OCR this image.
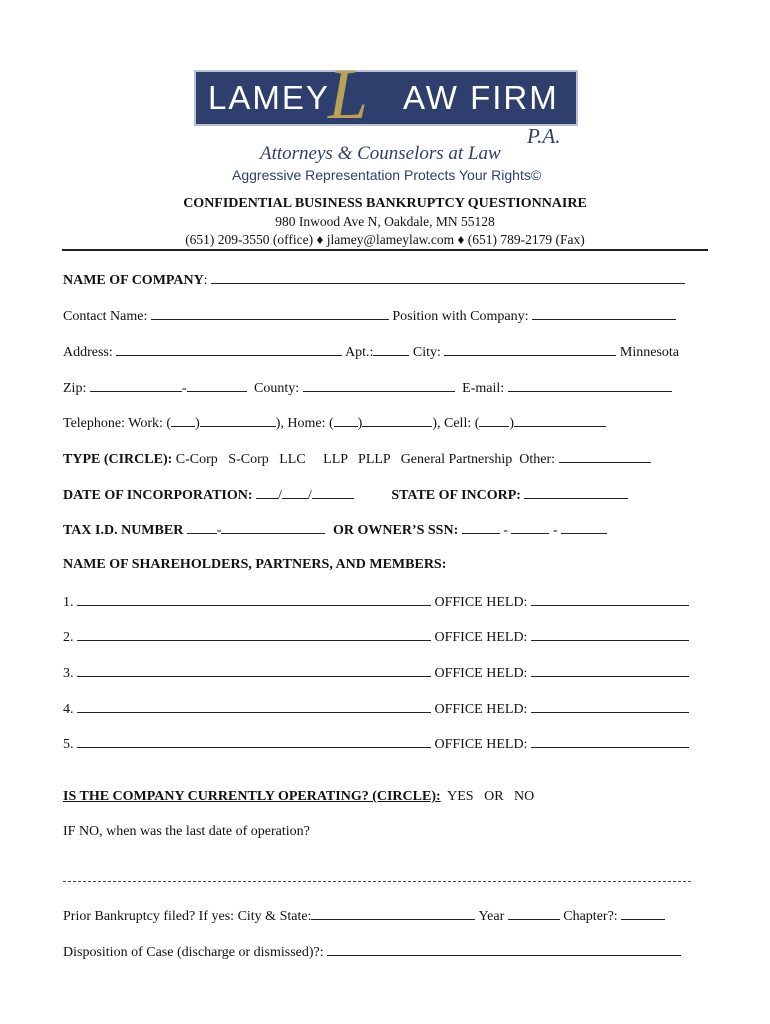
LAMEY
L AW FIRM
P.A.
Attorneys & Counselors at Law
Aggressive Representation Protects Your Rights©
CONFIDENTIAL BUSINESS BANKRUPTCY QUESTIONNAIRE
980 Inwood Ave N, Oakdale, MN 55128
(651) 209-3550 (office) ♦ jlamey@lameylaw.com ♦ (651) 789-2179 (Fax)
NAME OF COMPANY:
Contact Name:	Position with Company:
Address:	Apt.:	City:	Minnesota
Zip:	-	County:	E-mail:
Telephone: Work: ( )	), Home: ( )	), Cell: ( )
TYPE (CIRCLE): C-Corp   S-Corp   LLC     LLP   PLLP   General Partnership  Other:
DATE OF INCORPORATION: / /	STATE OF INCORP:
TAX I.D. NUMBER -	OR OWNER’S SSN:	-	-
NAME OF SHAREHOLDERS, PARTNERS, AND MEMBERS:
1.	OFFICE HELD:
2.	OFFICE HELD:
3.	OFFICE HELD:
4.	OFFICE HELD:
5.	OFFICE HELD:
IS THE COMPANY CURRENTLY OPERATING? (CIRCLE): YES   OR   NO
IF NO, when was the last date of operation?
Prior Bankruptcy filed? If yes: City & State:	Year	Chapter?:
Disposition of Case (discharge or dismissed)?:
